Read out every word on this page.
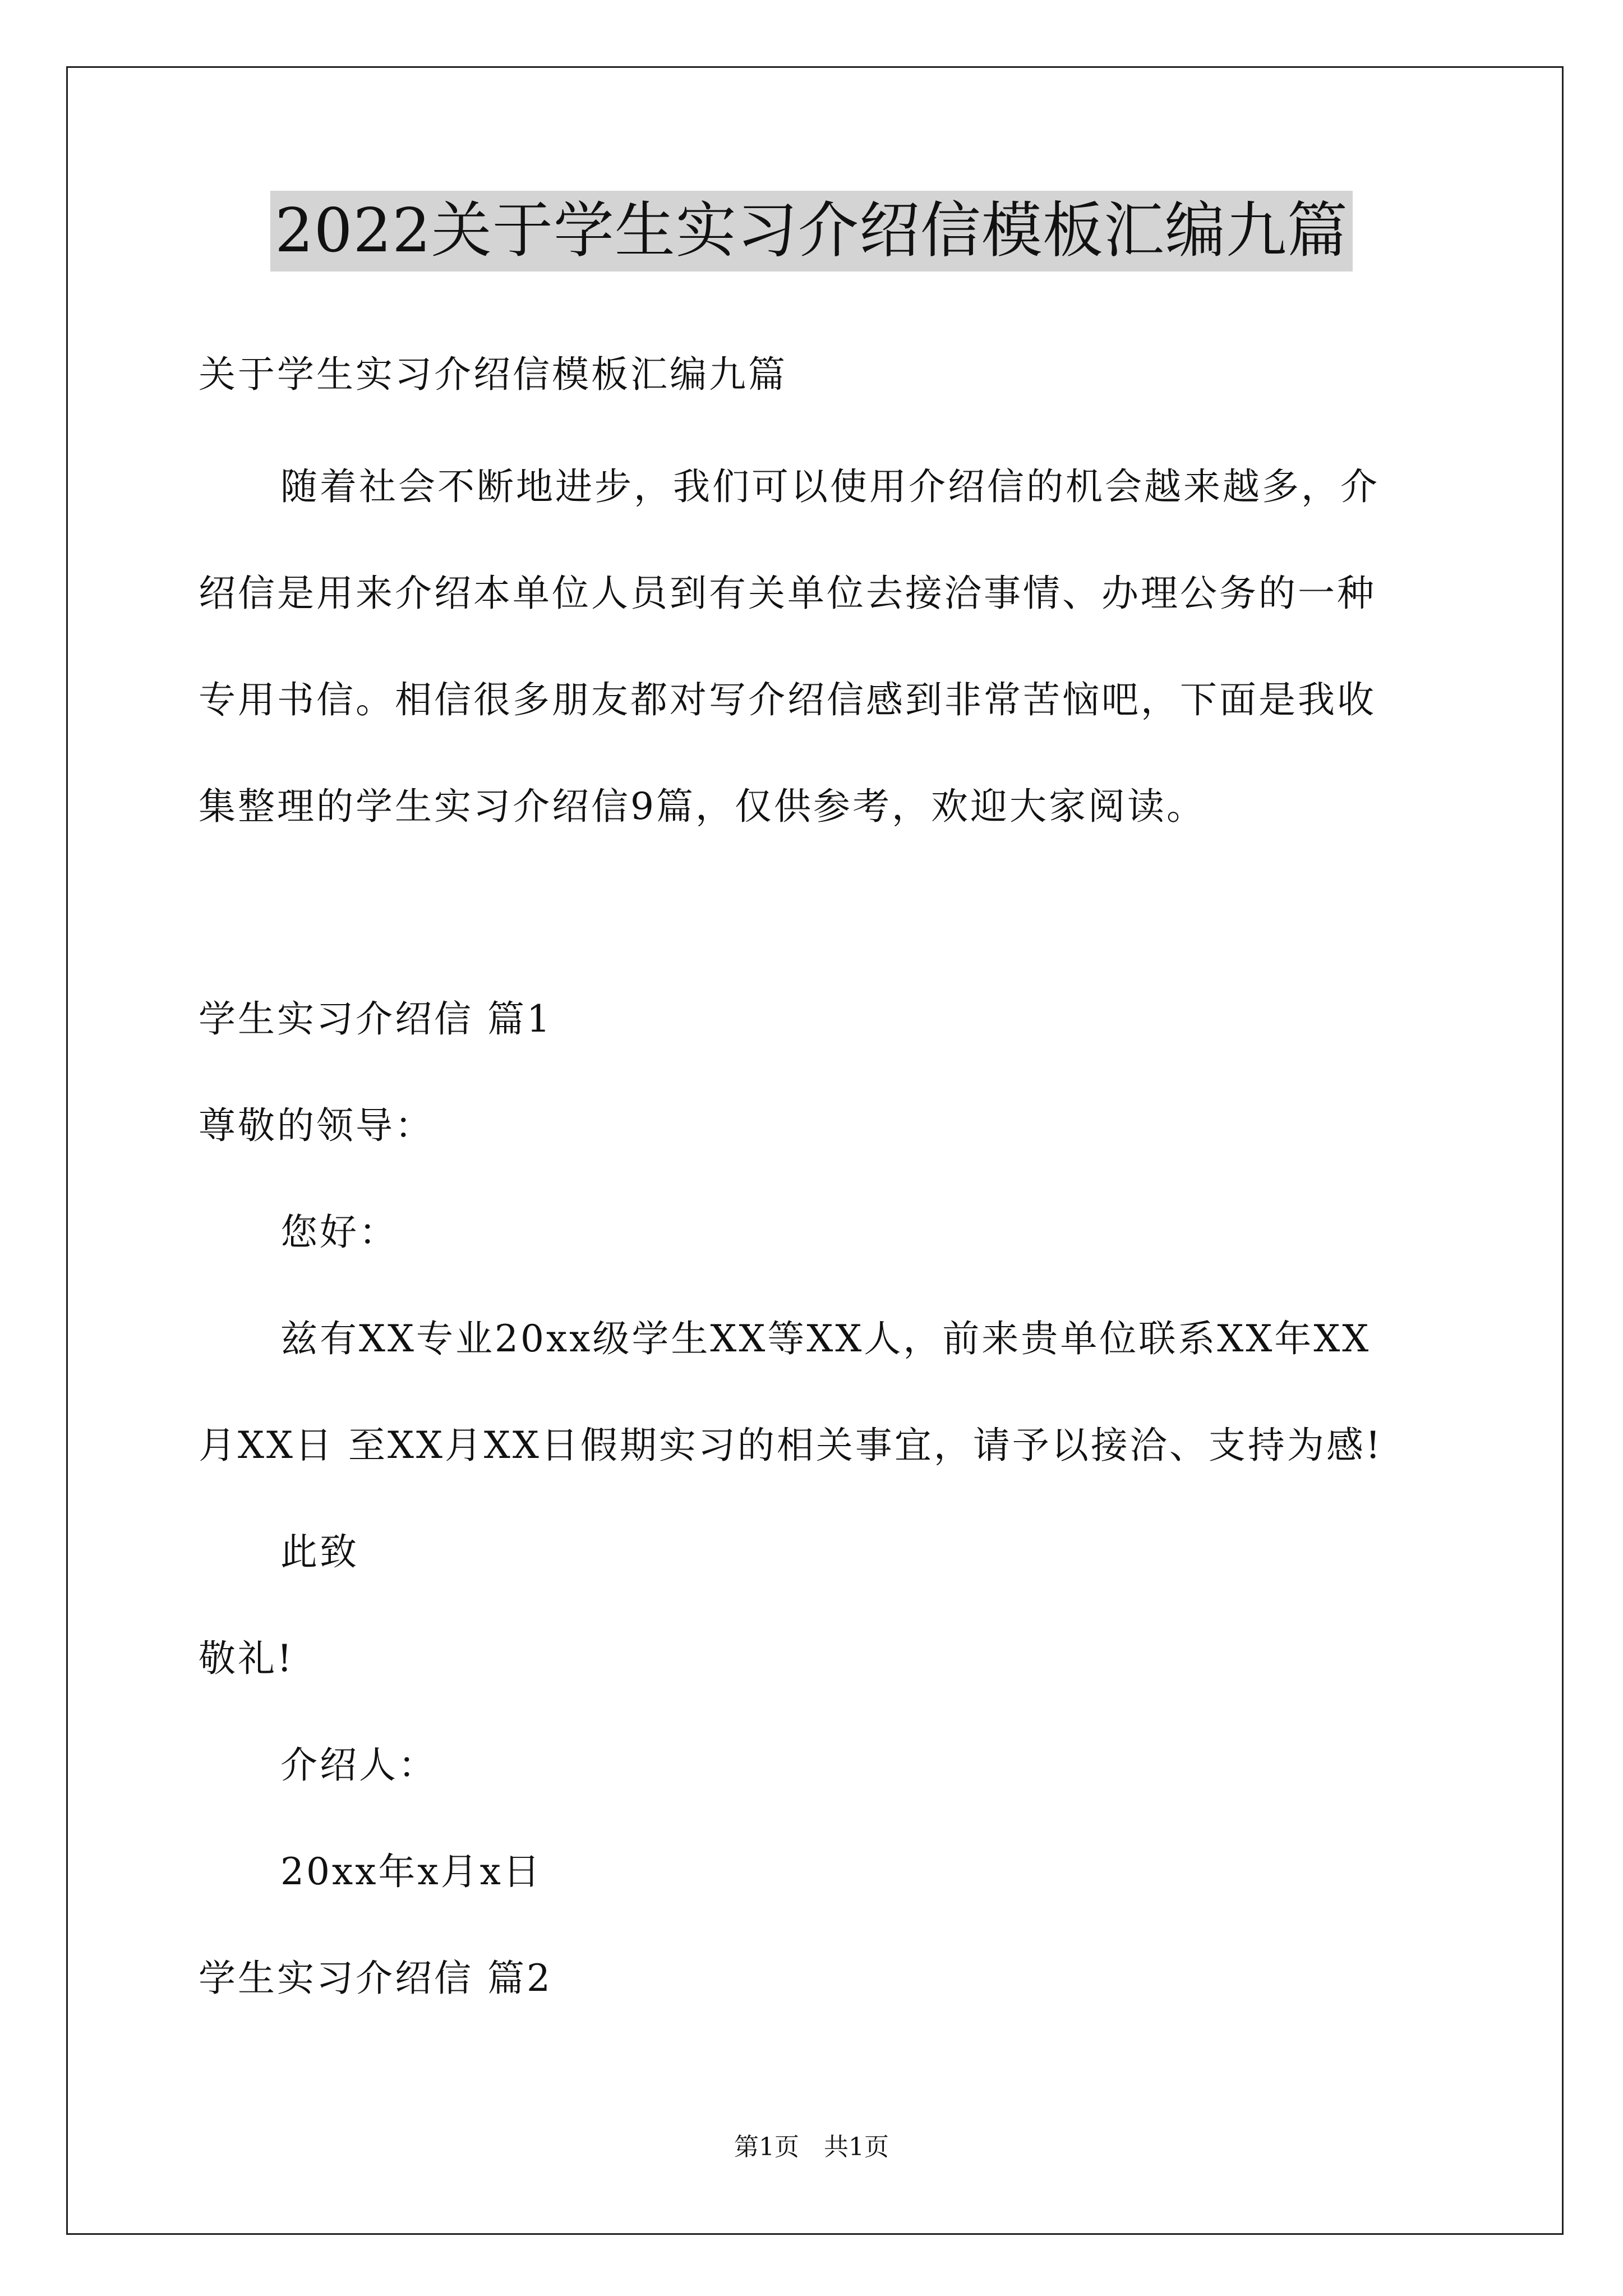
2022关于学生实习介绍信模板汇编九篇
关于学生实习介绍信模板汇编九篇
随着社会不断地进步，我们可以使用介绍信的机会越来越多，介
绍信是用来介绍本单位人员到有关单位去接洽事情、办理公务的一种
专用书信。相信很多朋友都对写介绍信感到非常苦恼吧，下面是我收
集整理的学生实习介绍信9篇，仅供参考，欢迎大家阅读。
学生实习介绍信 篇1
尊敬的领导：
您好：
兹有XX专业20xx级学生XX等XX人，前来贵单位联系XX年XX
月XX日 至XX月XX日假期实习的相关事宜，请予以接洽、支持为感!
此致
敬礼!
介绍人：
20xx年x月x日
学生实习介绍信 篇2
第1页　共1页
